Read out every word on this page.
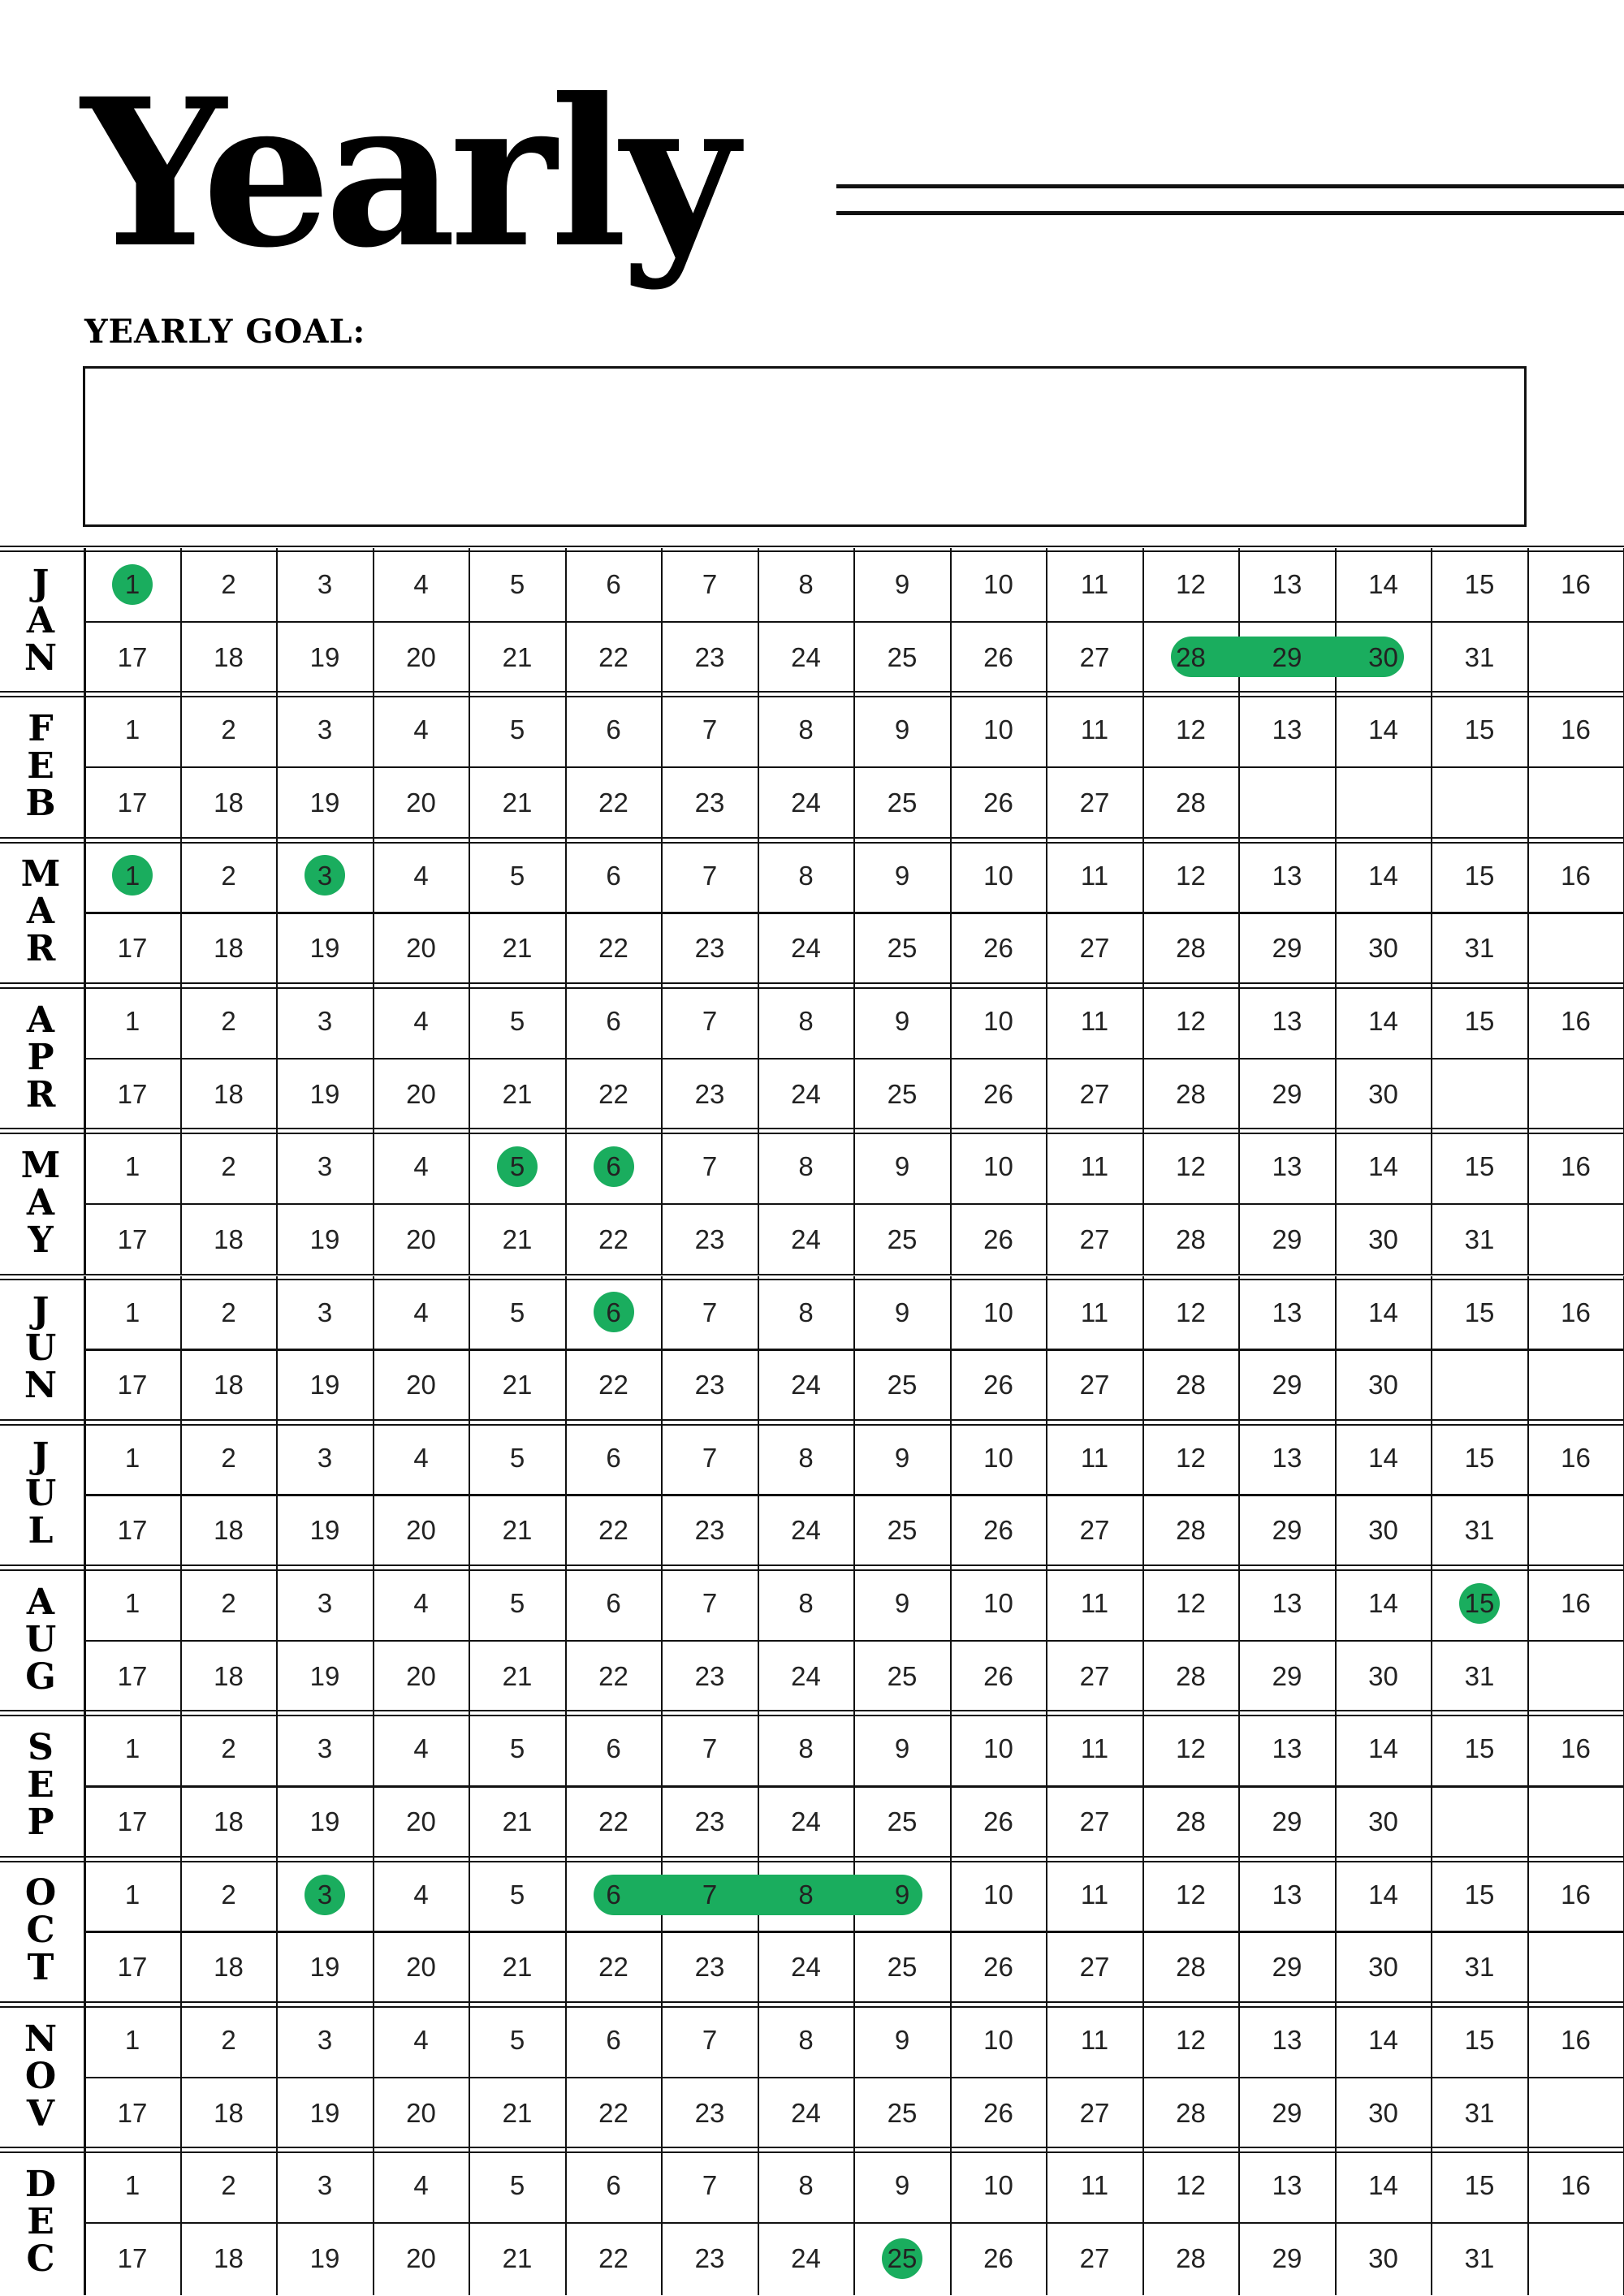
Yearly
YEARLY GOAL:
J
A
N
1	2	3	4	5	6	7	8	9	10	11	12	13	14	15	16
17	18	19	20	21	22	23	24	25	26	27	28	29	30	31
F
E
B
1	2	3	4	5	6	7	8	9	10	11	12	13	14	15	16
17	18	19	20	21	22	23	24	25	26	27	28
M
A
R
1	2	3	4	5	6	7	8	9	10	11	12	13	14	15	16
17	18	19	20	21	22	23	24	25	26	27	28	29	30	31
A
P
R
1	2	3	4	5	6	7	8	9	10	11	12	13	14	15	16
17	18	19	20	21	22	23	24	25	26	27	28	29	30
M
A
Y
1	2	3	4	5	6	7	8	9	10	11	12	13	14	15	16
17	18	19	20	21	22	23	24	25	26	27	28	29	30	31
J
U
N
1	2	3	4	5	6	7	8	9	10	11	12	13	14	15	16
17	18	19	20	21	22	23	24	25	26	27	28	29	30
J
U
L
1	2	3	4	5	6	7	8	9	10	11	12	13	14	15	16
17	18	19	20	21	22	23	24	25	26	27	28	29	30	31
A
U
G
1	2	3	4	5	6	7	8	9	10	11	12	13	14	15	16
17	18	19	20	21	22	23	24	25	26	27	28	29	30	31
S
E
P
1	2	3	4	5	6	7	8	9	10	11	12	13	14	15	16
17	18	19	20	21	22	23	24	25	26	27	28	29	30
O
C
T
1	2	3	4	5	6	7	8	9	10	11	12	13	14	15	16
17	18	19	20	21	22	23	24	25	26	27	28	29	30	31
N
O
V
1	2	3	4	5	6	7	8	9	10	11	12	13	14	15	16
17	18	19	20	21	22	23	24	25	26	27	28	29	30	31
D
E
C
1	2	3	4	5	6	7	8	9	10	11	12	13	14	15	16
17	18	19	20	21	22	23	24	25	26	27	28	29	30	31
